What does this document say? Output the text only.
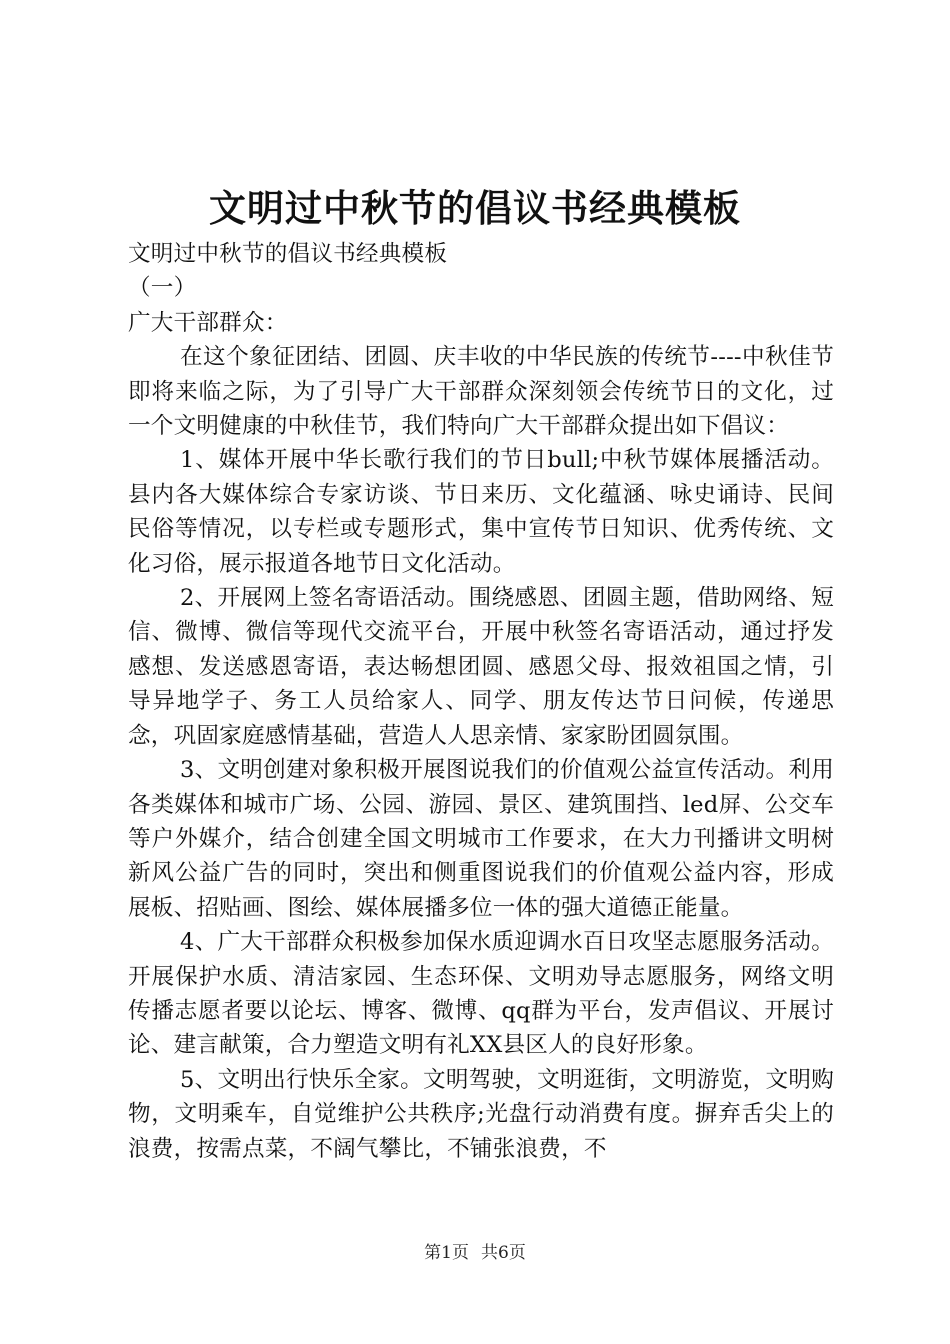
文明过中秋节的倡议书经典模板

文明过中秋节的倡议书经典模板

（一）

广大干部群众：

在这个象征团结、团圆、庆丰收的中华民族的传统节----中秋佳节即将来临之际，为了引导广大干部群众深刻领会传统节日的文化，过一个文明健康的中秋佳节，我们特向广大干部群众提出如下倡议：

1、媒体开展中华长歌行我们的节日bull;中秋节媒体展播活动。县内各大媒体综合专家访谈、节日来历、文化蕴涵、咏史诵诗、民间民俗等情况，以专栏或专题形式，集中宣传节日知识、优秀传统、文化习俗，展示报道各地节日文化活动。

2、开展网上签名寄语活动。围绕感恩、团圆主题，借助网络、短信、微博、微信等现代交流平台，开展中秋签名寄语活动，通过抒发感想、发送感恩寄语，表达畅想团圆、感恩父母、报效祖国之情，引导异地学子、务工人员给家人、同学、朋友传达节日问候，传递思念，巩固家庭感情基础，营造人人思亲情、家家盼团圆氛围。

3、文明创建对象积极开展图说我们的价值观公益宣传活动。利用各类媒体和城市广场、公园、游园、景区、建筑围挡、led屏、公交车等户外媒介，结合创建全国文明城市工作要求，在大力刊播讲文明树新风公益广告的同时，突出和侧重图说我们的价值观公益内容，形成展板、招贴画、图绘、媒体展播多位一体的强大道德正能量。

4、广大干部群众积极参加保水质迎调水百日攻坚志愿服务活动。开展保护水质、清洁家园、生态环保、文明劝导志愿服务，网络文明传播志愿者要以论坛、博客、微博、qq群为平台，发声倡议、开展讨论、建言献策，合力塑造文明有礼XX县区人的良好形象。

5、文明出行快乐全家。文明驾驶，文明逛街，文明游览，文明购物，文明乘车，自觉维护公共秩序;光盘行动消费有度。摒弃舌尖上的浪费，按需点菜，不阔气攀比，不铺张浪费，不

第1页 共6页
